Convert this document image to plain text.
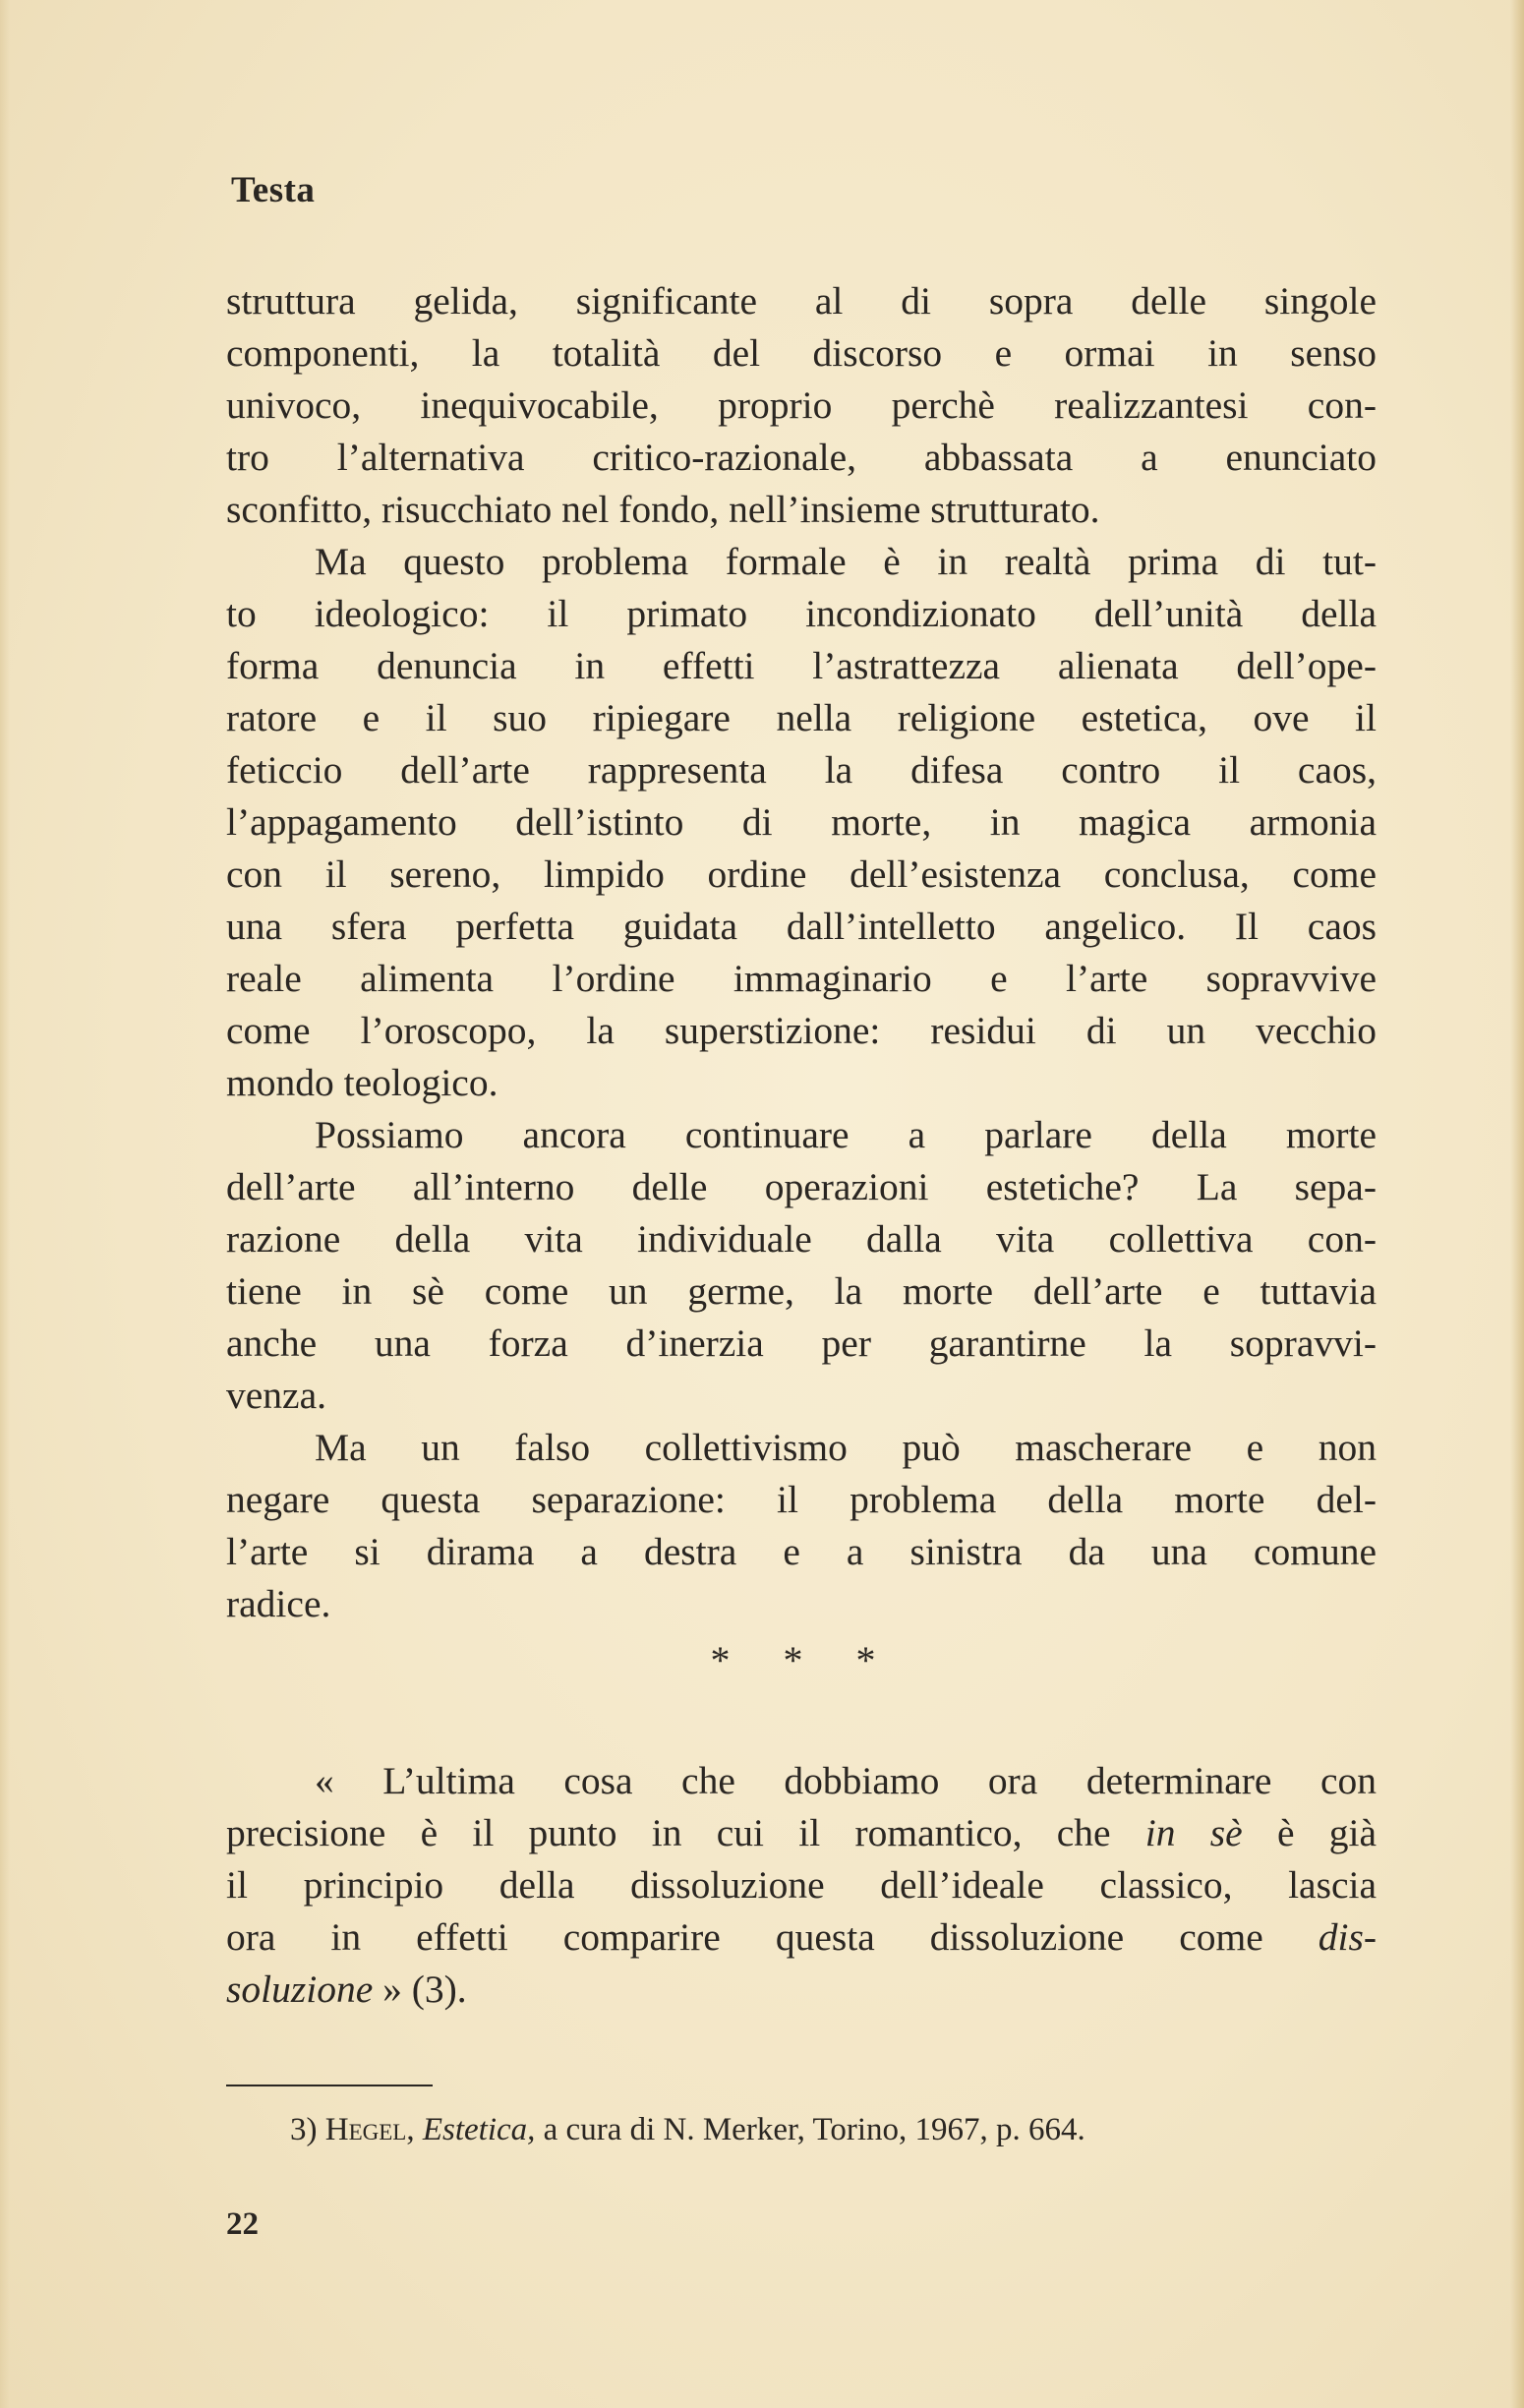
Testa
struttura gelida, significante al di sopra delle singole
componenti, la totalità del discorso e ormai in senso
univoco, inequivocabile, proprio perchè realizzantesi con-
tro l’alternativa critico-razionale, abbassata a enunciato
sconfitto, risucchiato nel fondo, nell’insieme strutturato.
Ma questo problema formale è in realtà prima di tut-
to ideologico: il primato incondizionato dell’unità della
forma denuncia in effetti l’astrattezza alienata dell’ope-
ratore e il suo ripiegare nella religione estetica, ove il
feticcio dell’arte rappresenta la difesa contro il caos,
l’appagamento dell’istinto di morte, in magica armonia
con il sereno, limpido ordine dell’esistenza conclusa, come
una sfera perfetta guidata dall’intelletto angelico. Il caos
reale alimenta l’ordine immaginario e l’arte sopravvive
come l’oroscopo, la superstizione: residui di un vecchio
mondo teologico.
Possiamo ancora continuare a parlare della morte
dell’arte all’interno delle operazioni estetiche? La sepa-
razione della vita individuale dalla vita collettiva con-
tiene in sè come un germe, la morte dell’arte e tuttavia
anche una forza d’inerzia per garantirne la sopravvi-
venza.
Ma un falso collettivismo può mascherare e non
negare questa separazione: il problema della morte del-
l’arte si dirama a destra e a sinistra da una comune
radice.
* * *
« L’ultima cosa che dobbiamo ora determinare con
precisione è il punto in cui il romantico, che in sè è già
il principio della dissoluzione dell’ideale classico, lascia
ora in effetti comparire questa dissoluzione come dis-
soluzione » (3).
3) Hegel, Estetica, a cura di N. Merker, Torino, 1967, p. 664.
22
